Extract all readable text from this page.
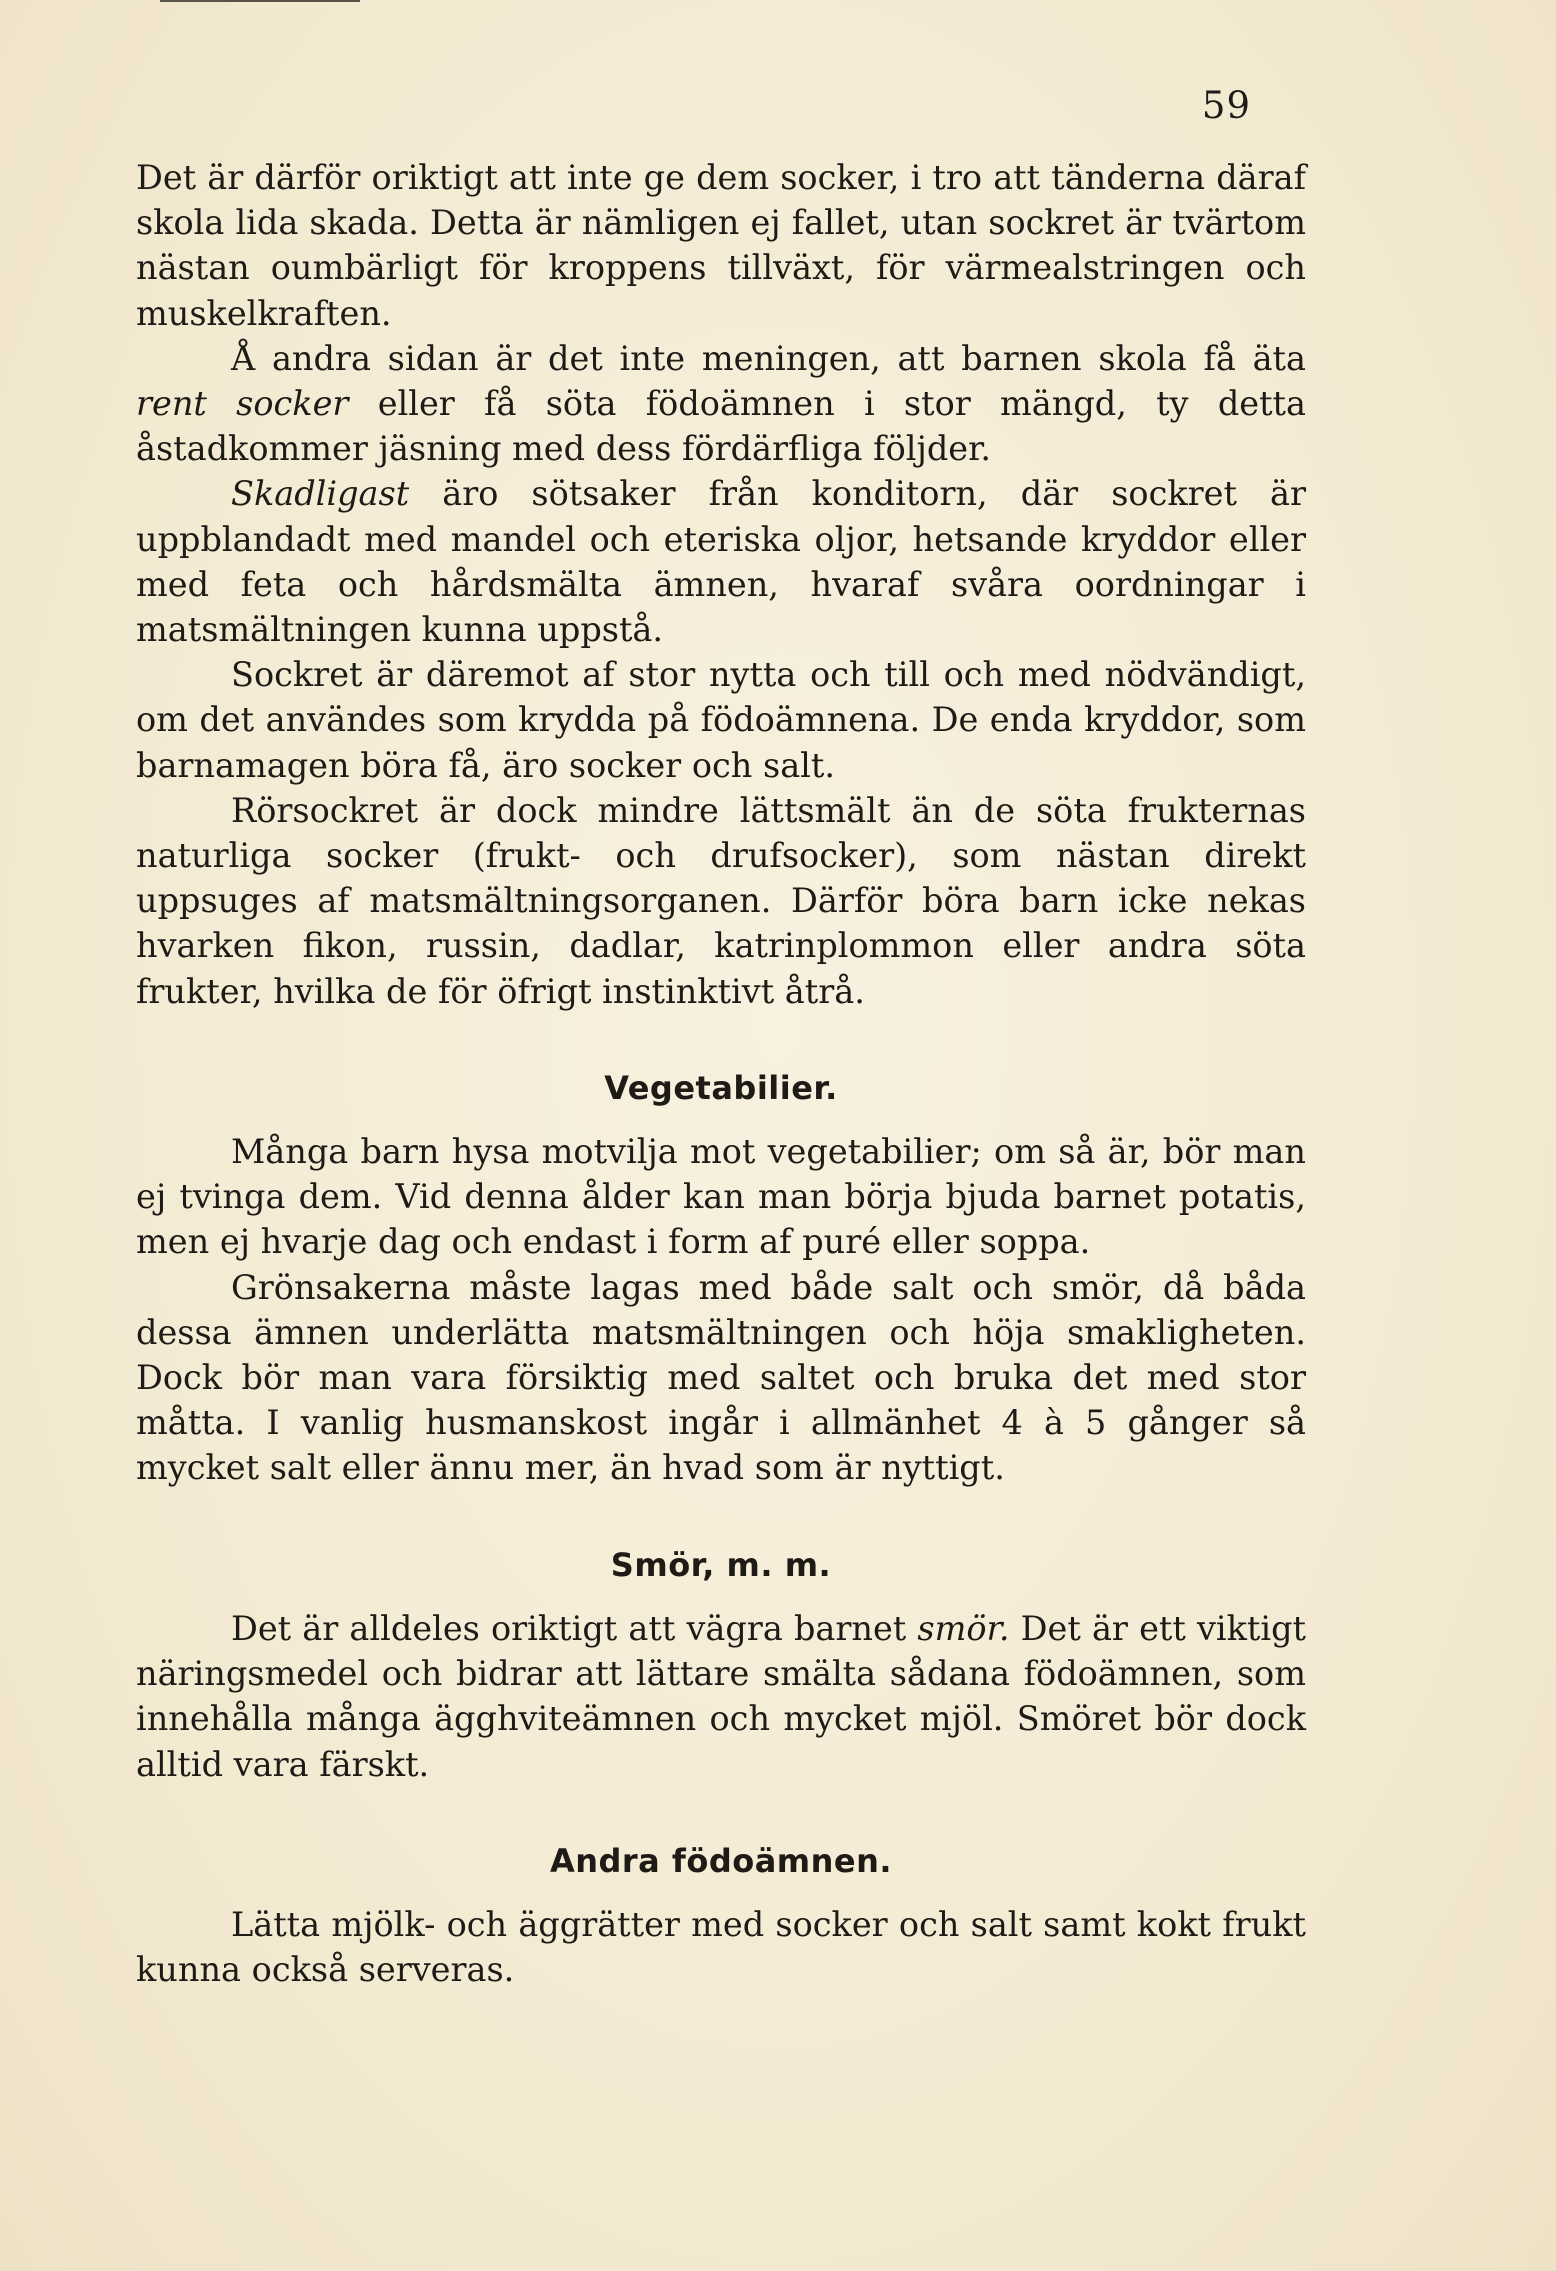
59

Det är därför oriktigt att inte ge dem socker, i tro att tänderna däraf skola lida skada. Detta är nämligen ej fallet, utan sockret är tvärtom nästan oumbärligt för kroppens tillväxt, för värmealstringen och muskelkraften.

Å andra sidan är det inte meningen, att barnen skola få äta rent socker eller få söta födoämnen i stor mängd, ty detta åstadkommer jäsning med dess fördärfliga följder.

Skadligast äro sötsaker från konditorn, där sockret är uppblandadt med mandel och eteriska oljor, hetsande kryddor eller med feta och hårdsmälta ämnen, hvaraf svåra oordningar i matsmältningen kunna uppstå.

Sockret är däremot af stor nytta och till och med nödvändigt, om det användes som krydda på födoämnena. De enda kryddor, som barnamagen böra få, äro socker och salt.

Rörsockret är dock mindre lättsmält än de söta frukternas naturliga socker (frukt- och drufsocker), som nästan direkt uppsuges af matsmältningsorganen. Därför böra barn icke nekas hvarken fikon, russin, dadlar, katrinplommon eller andra söta frukter, hvilka de för öfrigt instinktivt åtrå.

Vegetabilier.

Många barn hysa motvilja mot vegetabilier; om så är, bör man ej tvinga dem. Vid denna ålder kan man börja bjuda barnet potatis, men ej hvarje dag och endast i form af puré eller soppa.

Grönsakerna måste lagas med både salt och smör, då båda dessa ämnen underlätta matsmältningen och höja smakligheten. Dock bör man vara försiktig med saltet och bruka det med stor måtta. I vanlig husmanskost ingår i allmänhet 4 à 5 gånger så mycket salt eller ännu mer, än hvad som är nyttigt.

Smör, m. m.

Det är alldeles oriktigt att vägra barnet smör. Det är ett viktigt näringsmedel och bidrar att lättare smälta sådana födoämnen, som innehålla många ägghviteämnen och mycket mjöl. Smöret bör dock alltid vara färskt.

Andra födoämnen.

Lätta mjölk- och äggrätter med socker och salt samt kokt frukt kunna också serveras.
